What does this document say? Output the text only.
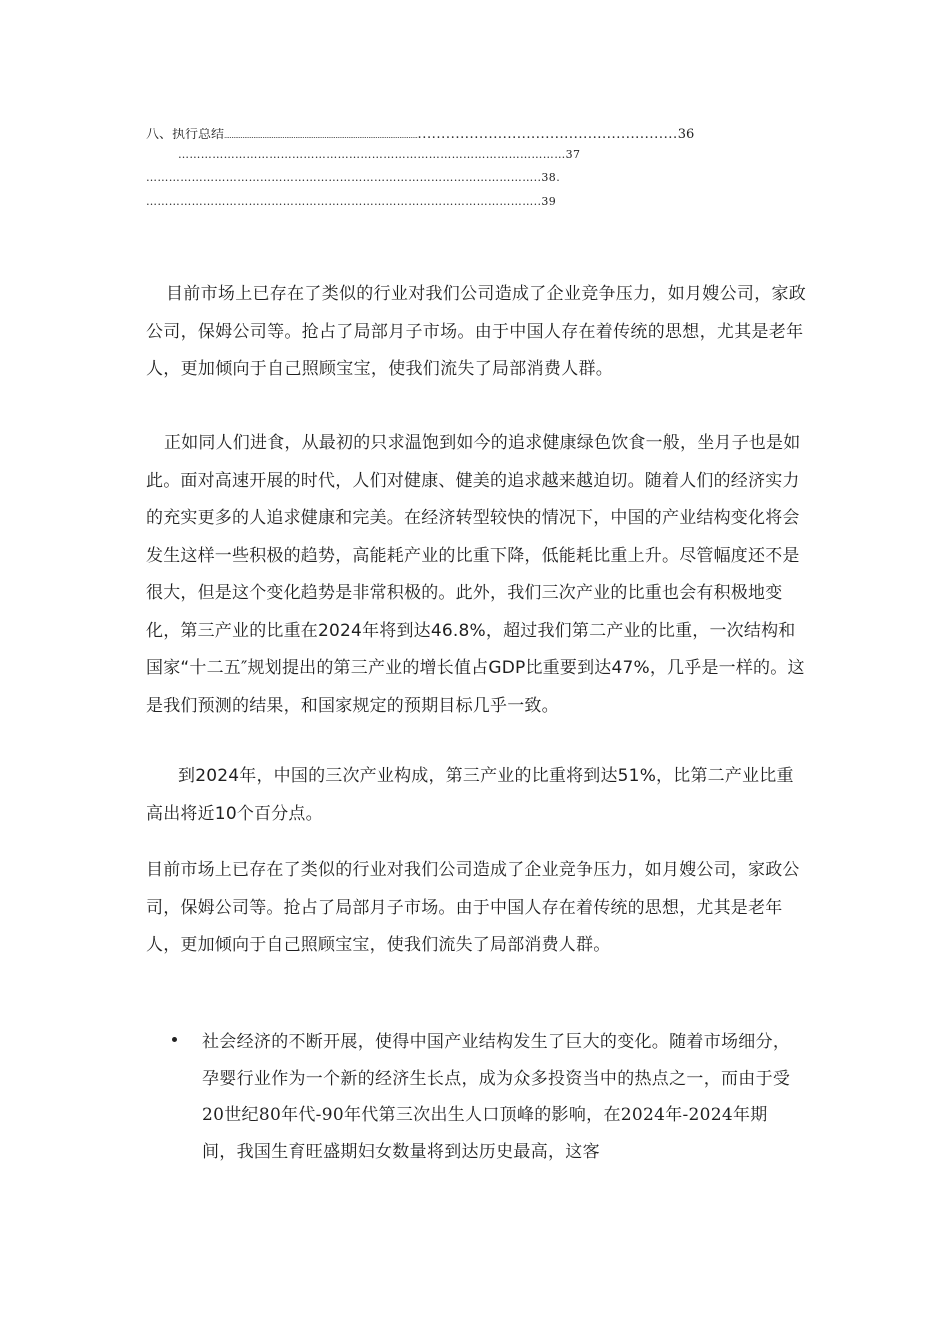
八、执行总结.................................................................................................................................................................36
…………………………………………………………………………………………37
…………………………………………………………………………………………..38.
…………………………………………………………………………………………..39

目前市场上已存在了类似的行业对我们公司造成了企业竞争压力，如月嫂公司，家政公司，保姆公司等。抢占了局部月子市场。由于中国人存在着传统的思想，尤其是老年人，更加倾向于自己照顾宝宝，使我们流失了局部消费人群。

正如同人们进食，从最初的只求温饱到如今的追求健康绿色饮食一般，坐月子也是如此。面对高速开展的时代，人们对健康、健美的追求越来越迫切。随着人们的经济实力的充实更多的人追求健康和完美。在经济转型较快的情况下，中国的产业结构变化将会发生这样一些积极的趋势，高能耗产业的比重下降，低能耗比重上升。尽管幅度还不是很大，但是这个变化趋势是非常积极的。此外，我们三次产业的比重也会有积极地变化，第三产业的比重在2024年将到达46.8%，超过我们第二产业的比重，一次结构和国家“十二五″规划提出的第三产业的增长值占GDP比重要到达47%，几乎是一样的。这是我们预测的结果，和国家规定的预期目标几乎一致。

到2024年，中国的三次产业构成，第三产业的比重将到达51%，比第二产业比重高出将近10个百分点。

目前市场上已存在了类似的行业对我们公司造成了企业竞争压力，如月嫂公司，家政公司，保姆公司等。抢占了局部月子市场。由于中国人存在着传统的思想，尤其是老年人，更加倾向于自己照顾宝宝，使我们流失了局部消费人群。

社会经济的不断开展，使得中国产业结构发生了巨大的变化。随着市场细分，孕婴行业作为一个新的经济生长点，成为众多投资当中的热点之一，而由于受20世纪80年代-90年代第三次出生人口顶峰的影响，在2024年-2024年期间，我国生育旺盛期妇女数量将到达历史最高，这客
